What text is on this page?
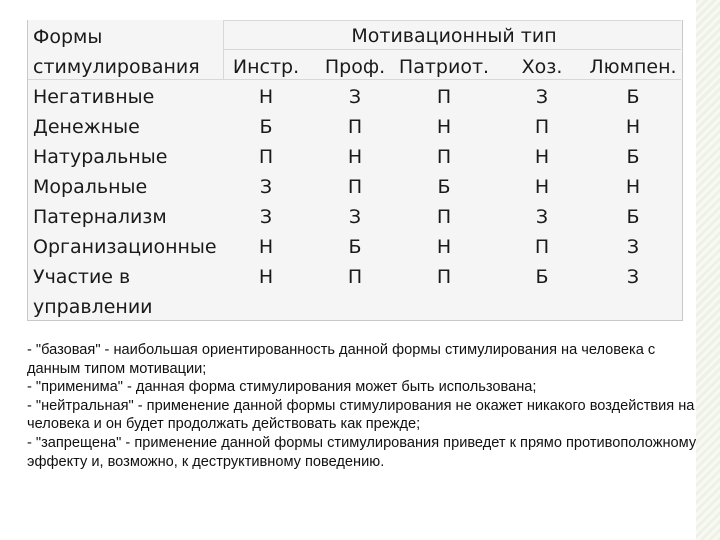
Формы
стимулирования
Мотивационный тип
Инстр. Проф. Патриот. Хоз. Люмпен.
Негативные	Н	З	П	З	Б
Денежные	Б	П	Н	П	Н
Натуральные	П	Н	П	Н	Б
Моральные	З	П	Б	Н	Н
Патернализм	З	З	П	З	Б
Организационные Н	Б	Н	П	З
Участие в
управлении
Н	П	П	Б	З

- "базовая" - наибольшая ориентированность данной формы стимулирования на человека с данным типом мотивации;

- "применима" - данная форма стимулирования может быть использована;

- "нейтральная" - применение данной формы стимулирования не окажет никакого воздействия на человека и он будет продолжать действовать как прежде;

- "запрещена" - применение данной формы стимулирования приведет к прямо противоположному эффекту и, возможно, к деструктивному поведению.
